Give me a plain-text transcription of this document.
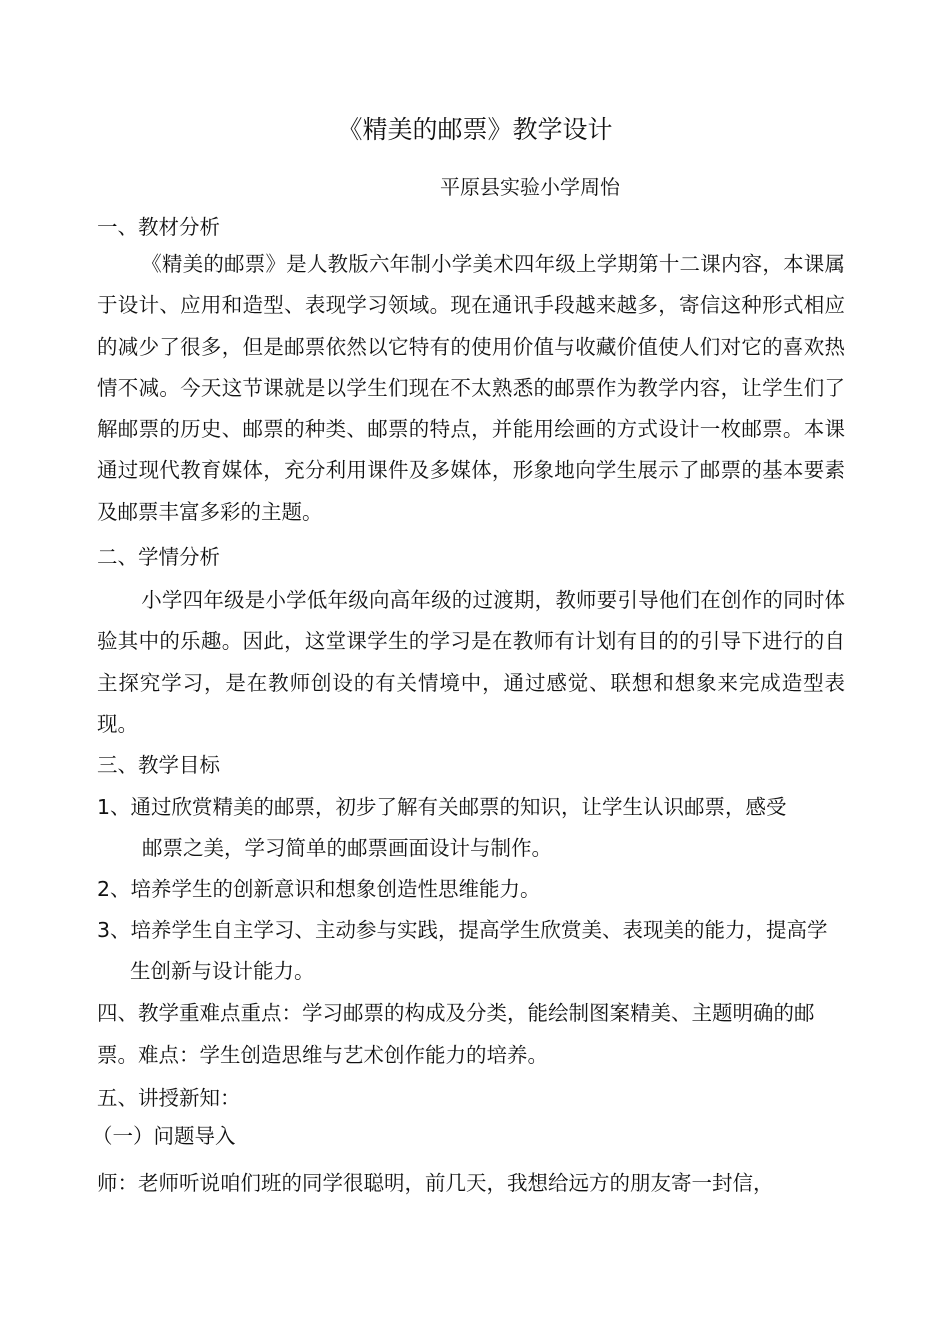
《精美的邮票》教学设计
平原县实验小学周怡
一、教材分析
《精美的邮票》是人教版六年制小学美术四年级上学期第十二课内容，本课属于设计、应用和造型、表现学习领域。现在通讯手段越来越多，寄信这种形式相应的减少了很多，但是邮票依然以它特有的使用价值与收藏价值使人们对它的喜欢热情不减。今天这节课就是以学生们现在不太熟悉的邮票作为教学内容，让学生们了解邮票的历史、邮票的种类、邮票的特点，并能用绘画的方式设计一枚邮票。本课通过现代教育媒体，充分利用课件及多媒体，形象地向学生展示了邮票的基本要素及邮票丰富多彩的主题。
二、学情分析
小学四年级是小学低年级向高年级的过渡期，教师要引导他们在创作的同时体验其中的乐趣。因此，这堂课学生的学习是在教师有计划有目的的引导下进行的自主探究学习，是在教师创设的有关情境中，通过感觉、联想和想象来完成造型表现。
三、教学目标
1、通过欣赏精美的邮票，初步了解有关邮票的知识，让学生认识邮票，感受
邮票之美，学习简单的邮票画面设计与制作。
2、培养学生的创新意识和想象创造性思维能力。
3、培养学生自主学习、主动参与实践，提高学生欣赏美、表现美的能力，提高学
生创新与设计能力。
四、教学重难点重点：学习邮票的构成及分类，能绘制图案精美、主题明确的邮
票。难点：学生创造思维与艺术创作能力的培养。
五、讲授新知：
（一）问题导入
师：老师听说咱们班的同学很聪明，前几天，我想给远方的朋友寄一封信，
